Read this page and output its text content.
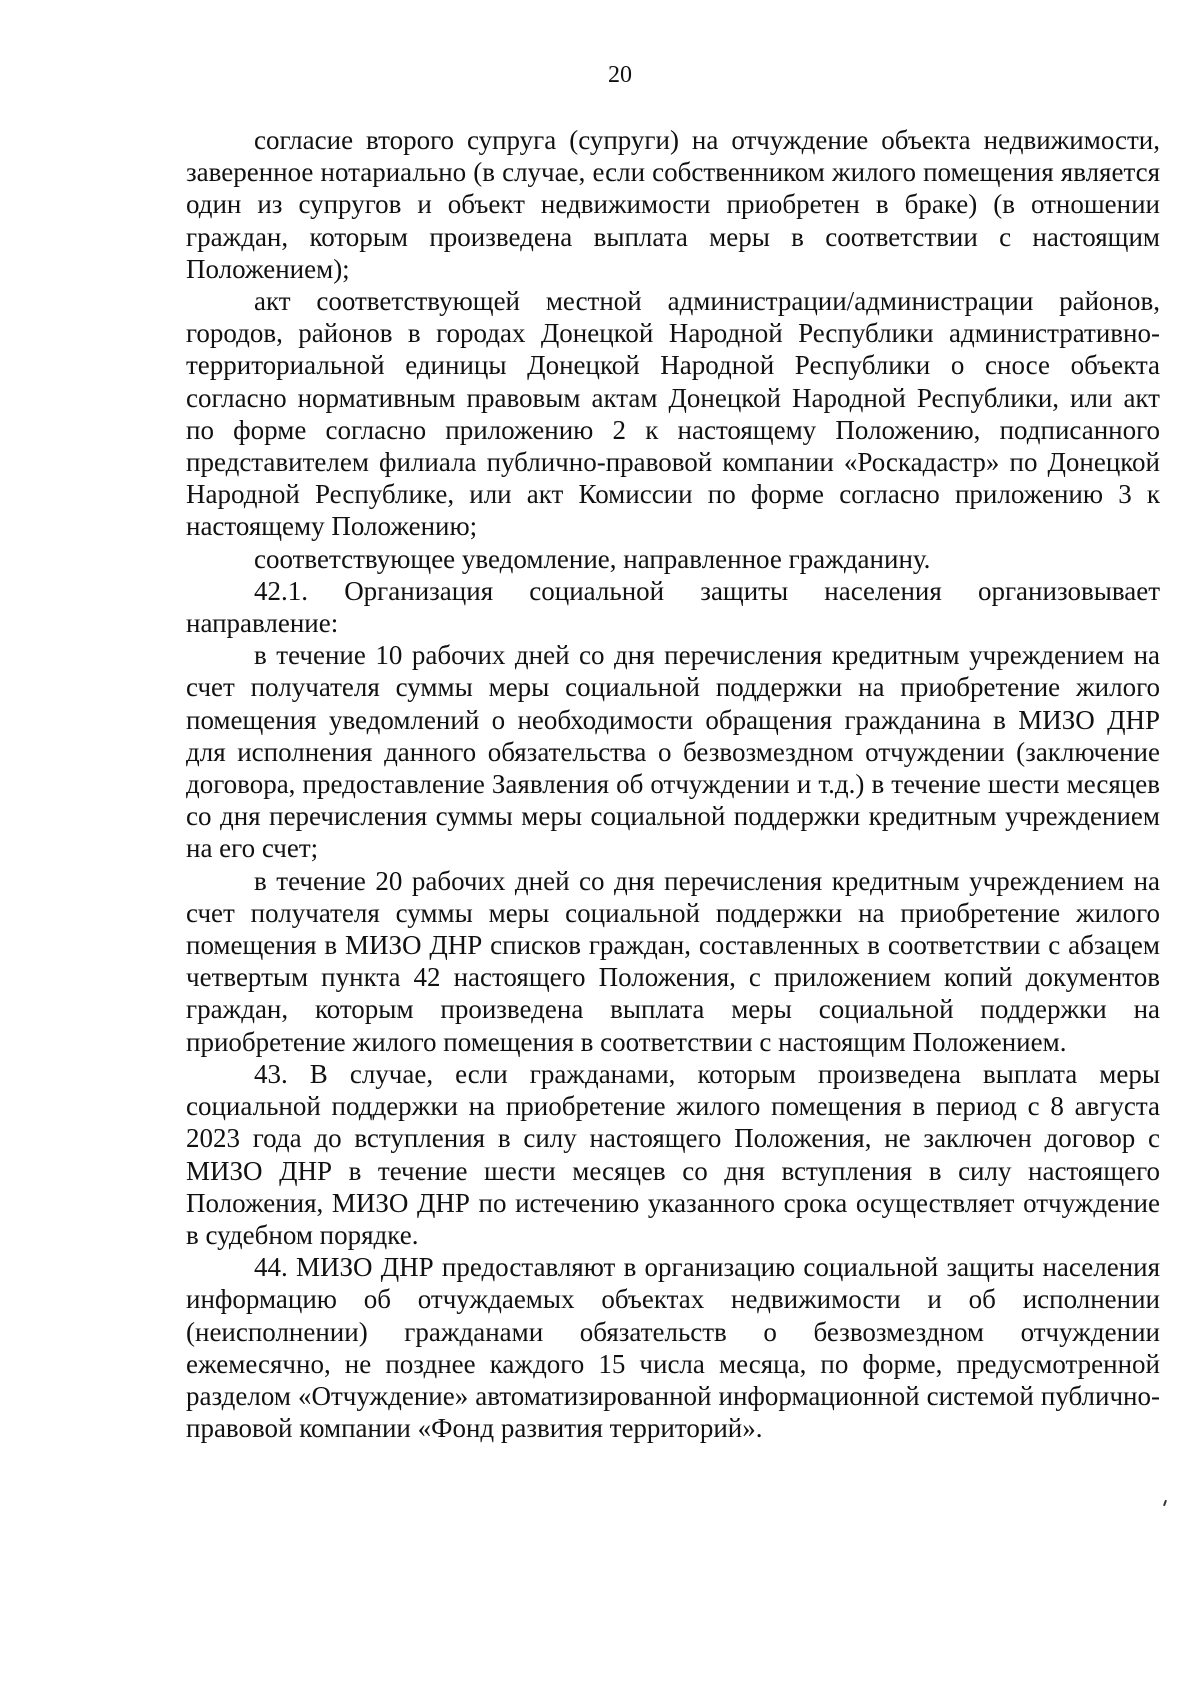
20

согласие второго супруга (супруги) на отчуждение объекта недвижимости, заверенное нотариально (в случае, если собственником жилого помещения является один из супругов и объект недвижимости приобретен в браке) (в отношении граждан, которым произведена выплата меры в соответствии с настоящим Положением);

акт соответствующей местной администрации/администрации районов, городов, районов в городах Донецкой Народной Республики административно-территориальной единицы Донецкой Народной Республики о сносе объекта согласно нормативным правовым актам Донецкой Народной Республики, или акт по форме согласно приложению 2 к настоящему Положению, подписанного представителем филиала публично-правовой компании «Роскадастр» по Донецкой Народной Республике, или акт Комиссии по форме согласно приложению 3 к настоящему Положению;

соответствующее уведомление, направленное гражданину.

42.1. Организация социальной защиты населения организовывает направление:

в течение 10 рабочих дней со дня перечисления кредитным учреждением на счет получателя суммы меры социальной поддержки на приобретение жилого помещения уведомлений о необходимости обращения гражданина в МИЗО ДНР для исполнения данного обязательства о безвозмездном отчуждении (заключение договора, предоставление Заявления об отчуждении и т.д.) в течение шести месяцев со дня перечисления суммы меры социальной поддержки кредитным учреждением на его счет;

в течение 20 рабочих дней со дня перечисления кредитным учреждением на счет получателя суммы меры социальной поддержки на приобретение жилого помещения в МИЗО ДНР списков граждан, составленных в соответствии с абзацем четвертым пункта 42 настоящего Положения, с приложением копий документов граждан, которым произведена выплата меры социальной поддержки на приобретение жилого помещения в соответствии с настоящим Положением.

43. В случае, если гражданами, которым произведена выплата меры социальной поддержки на приобретение жилого помещения в период с 8 августа 2023 года до вступления в силу настоящего Положения, не заключен договор с МИЗО ДНР в течение шести месяцев со дня вступления в силу настоящего Положения, МИЗО ДНР по истечению указанного срока осуществляет отчуждение в судебном порядке.

44. МИЗО ДНР предоставляют в организацию социальной защиты населения информацию об отчуждаемых объектах недвижимости и об исполнении (неисполнении) гражданами обязательств о безвозмездном отчуждении ежемесячно, не позднее каждого 15 числа месяца, по форме, предусмотренной разделом «Отчуждение» автоматизированной информационной системой публично-правовой компании «Фонд развития территорий».
